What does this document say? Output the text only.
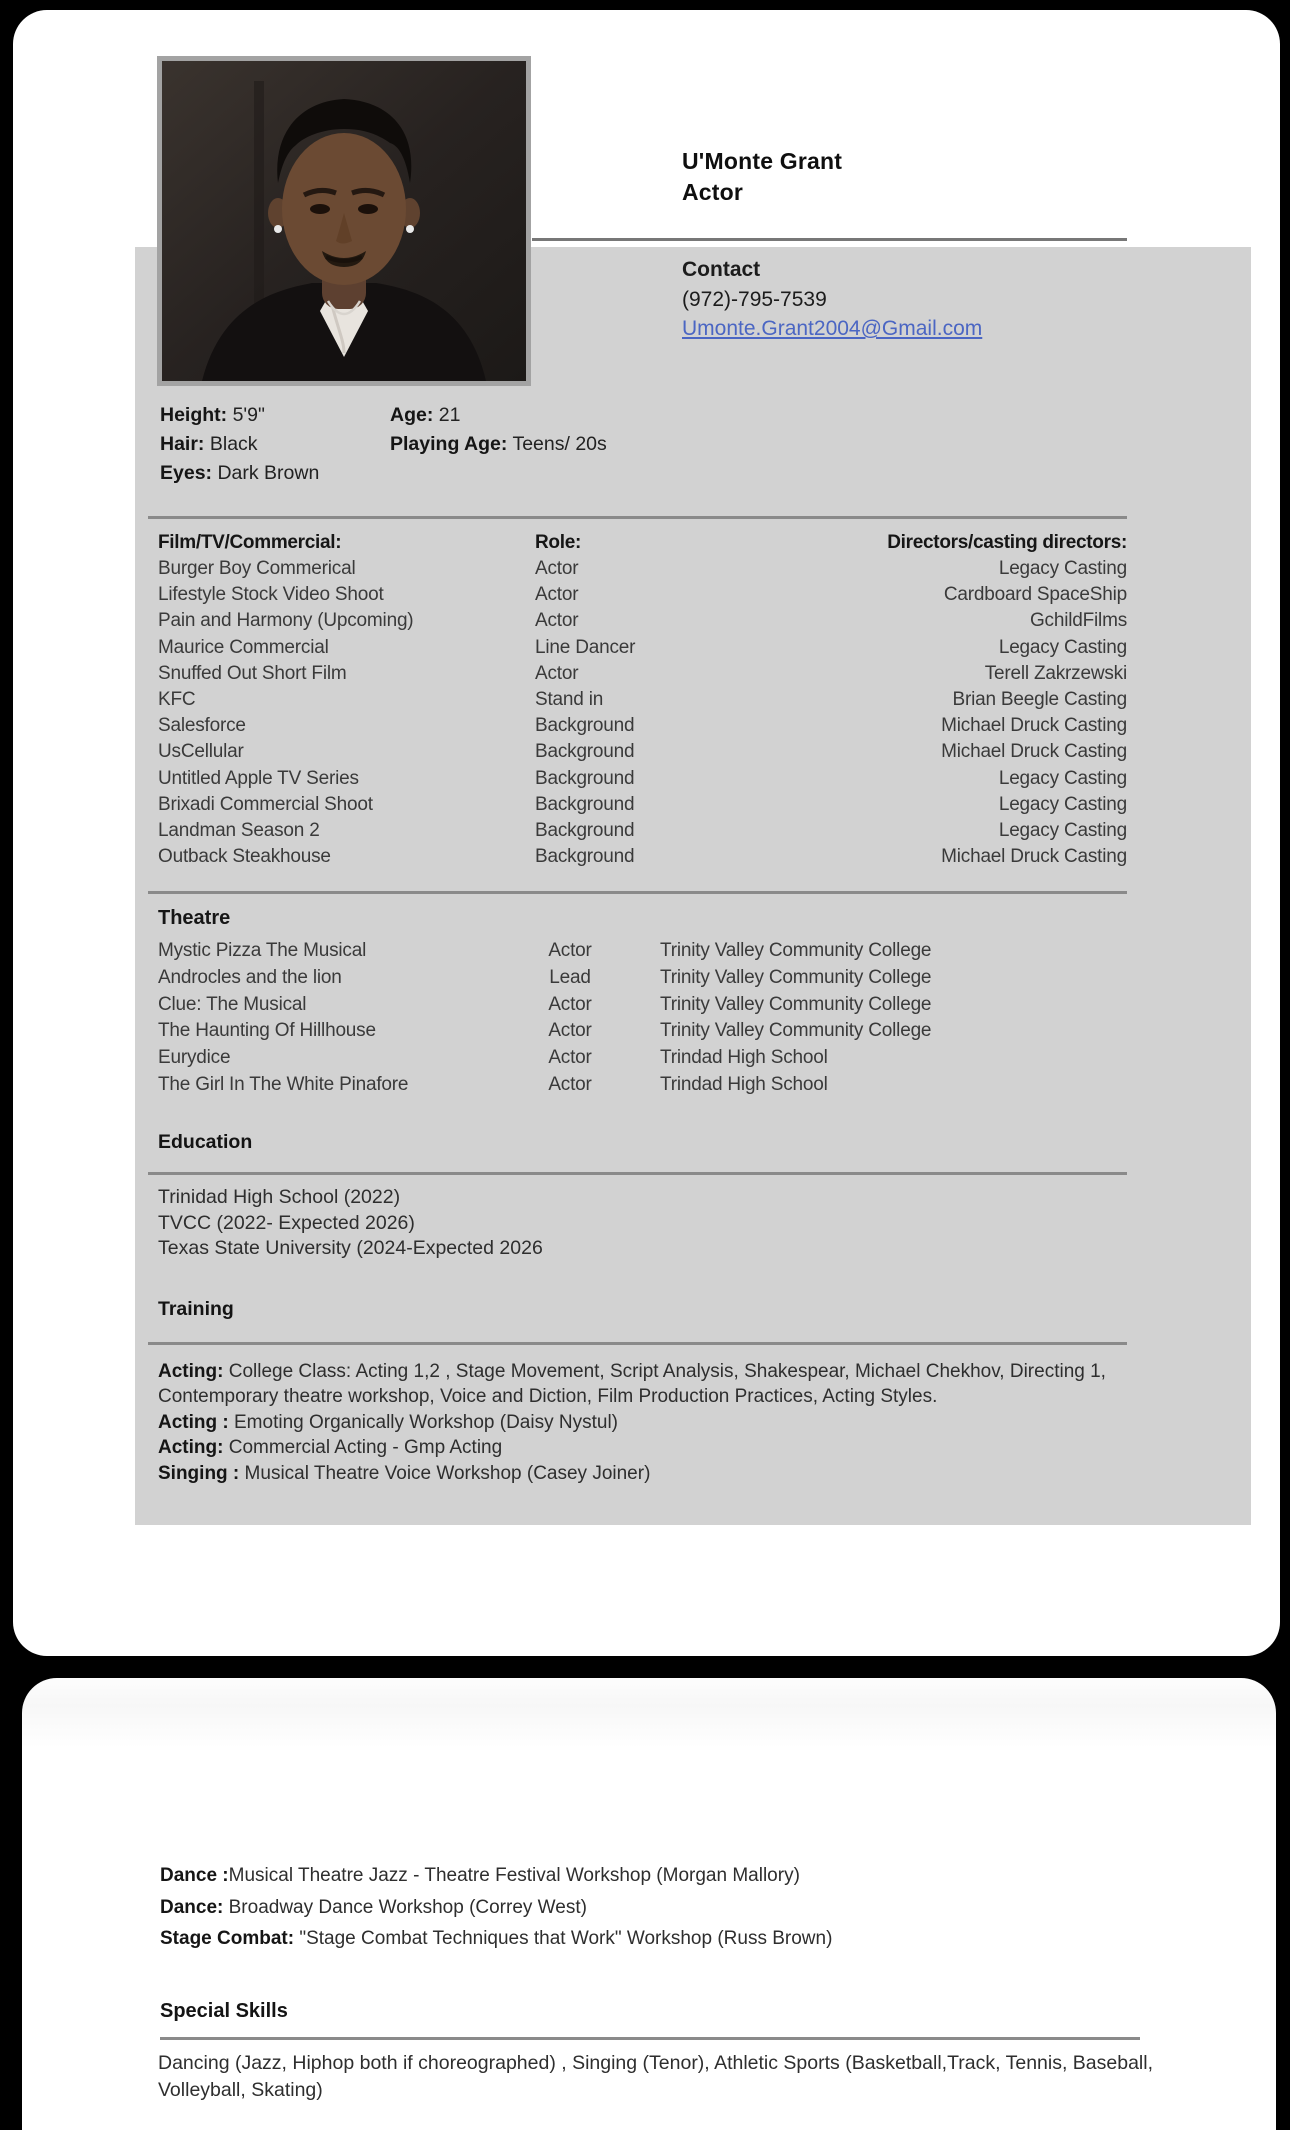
U'Monte Grant
Actor
Contact
(972)-795-7539
Umonte.Grant2004@Gmail.com
Height: 5'9"
Hair: Black
Eyes: Dark Brown
Age: 21
Playing Age: Teens/ 20s
Film/TV/Commercial:	Role:	Directors/casting directors:
Burger Boy Commerical	Actor	Legacy Casting
Lifestyle Stock Video Shoot	Actor	Cardboard SpaceShip
Pain and Harmony (Upcoming)	Actor	GchildFilms
Maurice Commercial	Line Dancer	Legacy Casting
Snuffed Out Short Film	Actor	Terell Zakrzewski
KFC	Stand in	Brian Beegle Casting
Salesforce	Background	Michael Druck Casting
UsCellular	Background	Michael Druck Casting
Untitled Apple TV Series	Background	Legacy Casting
Brixadi Commercial Shoot	Background	Legacy Casting
Landman Season 2	Background	Legacy Casting
Outback Steakhouse	Background	Michael Druck Casting
Theatre
Mystic Pizza The Musical	Actor	Trinity Valley Community College
Androcles and the lion	Lead	Trinity Valley Community College
Clue: The Musical	Actor	Trinity Valley Community College
The Haunting Of Hillhouse	Actor	Trinity Valley Community College
Eurydice	Actor	Trindad High School
The Girl In The White Pinafore	Actor	Trindad High School
Education
Trinidad High School (2022)
TVCC (2022- Expected 2026)
Texas State University (2024-Expected 2026
Training
Acting: College Class: Acting 1,2 , Stage Movement, Script Analysis, Shakespear, Michael Chekhov, Directing 1, Contemporary theatre workshop, Voice and Diction, Film Production Practices, Acting Styles.
Acting : Emoting Organically Workshop (Daisy Nystul)
Acting: Commercial Acting - Gmp Acting
Singing : Musical Theatre Voice Workshop (Casey Joiner)
Dance :Musical Theatre Jazz - Theatre Festival Workshop (Morgan Mallory)
Dance: Broadway Dance Workshop (Correy West)
Stage Combat: "Stage Combat Techniques that Work" Workshop (Russ Brown)
Special Skills
Dancing (Jazz, Hiphop both if choreographed) , Singing (Tenor), Athletic Sports (Basketball,Track, Tennis, Baseball, Volleyball, Skating)
